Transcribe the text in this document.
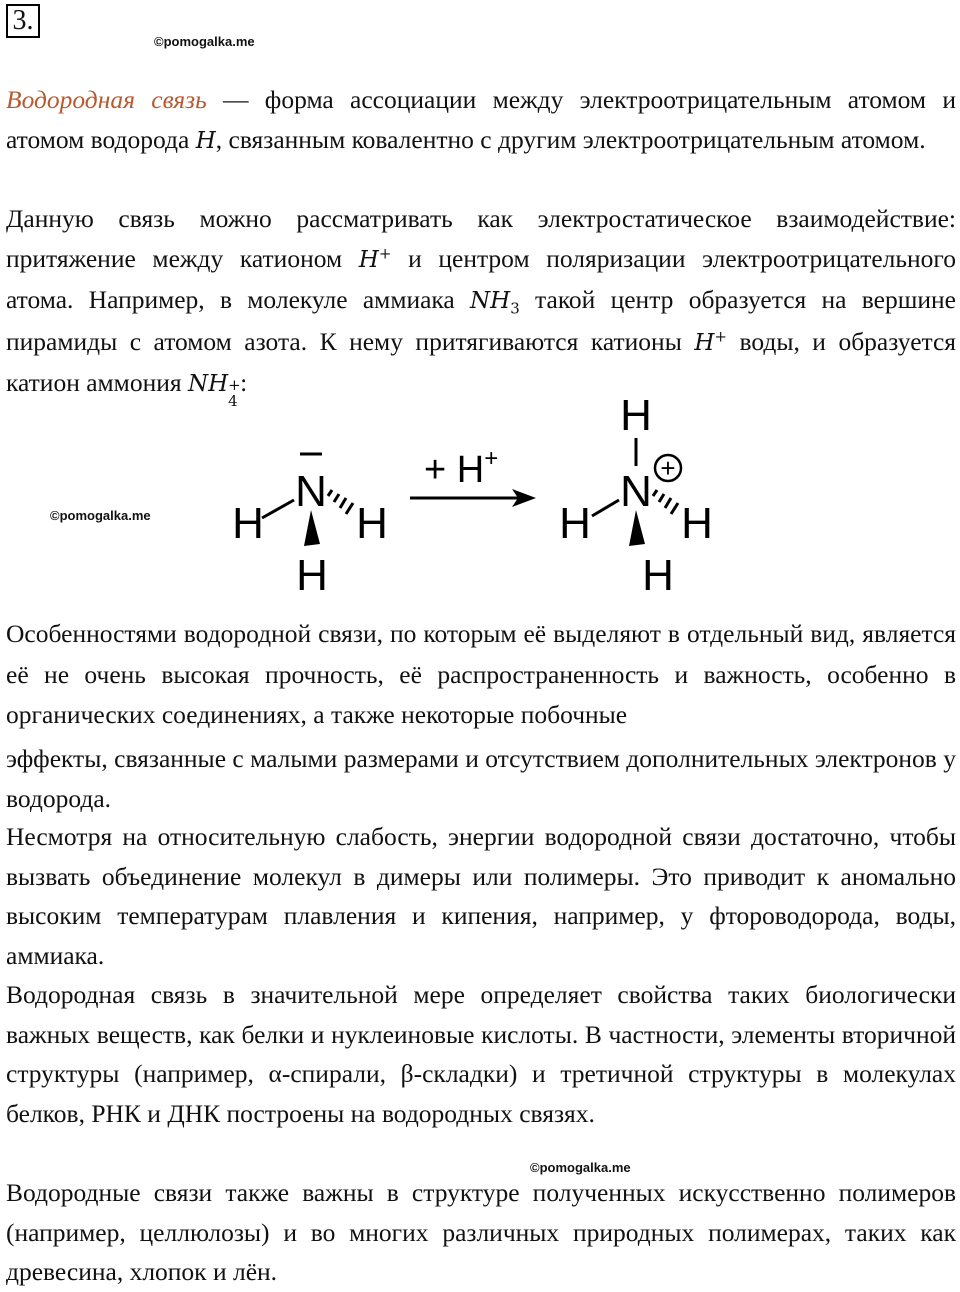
3.
©pomogalka.me

Водородная связь — форма ассоциации между электроотрицательным атомом и атомом водорода H, связанным ковалентно с другим электроотрицательным атомом.

Данную связь можно рассматривать как электростатическое взаимодействие: притяжение между катионом H+ и центром поляризации электроотрицательного атома. Например, в молекуле аммиака $NH_3$ такой центр образуется на вершине пирамиды с атомом азота. К нему притягиваются катионы H+ воды, и образуется катион аммония NH +
4
:

©pomogalka.me	N
H H
H
+ H+
H
N +
H H
H

Особенностями водородной связи, по которым её выделяют в отдельный вид, является её не очень высокая прочность, её распространенность и важность, особенно в органических соединениях, а также некоторые побочные

эффекты, связанные с малыми размерами и отсутствием дополнительных электронов у водорода.

Несмотря на относительную слабость, энергии водородной связи достаточно, чтобы вызвать объединение молекул в димеры или полимеры. Это приводит к аномально высоким температурам плавления и кипения, например, у фтороводорода, воды, аммиака.

Водородная связь в значительной мере определяет свойства таких биологически важных веществ, как белки и нуклеиновые кислоты. В частности, элементы вторичной структуры (например, α-спирали, β-складки) и третичной структуры в молекулах белков, РНК и ДНК построены на водородных связях.

©pomogalka.me

Водородные связи также важны в структуре полученных искусственно полимеров (например, целлюлозы) и во многих различных природных полимерах, таких как древесина, хлопок и лён.
